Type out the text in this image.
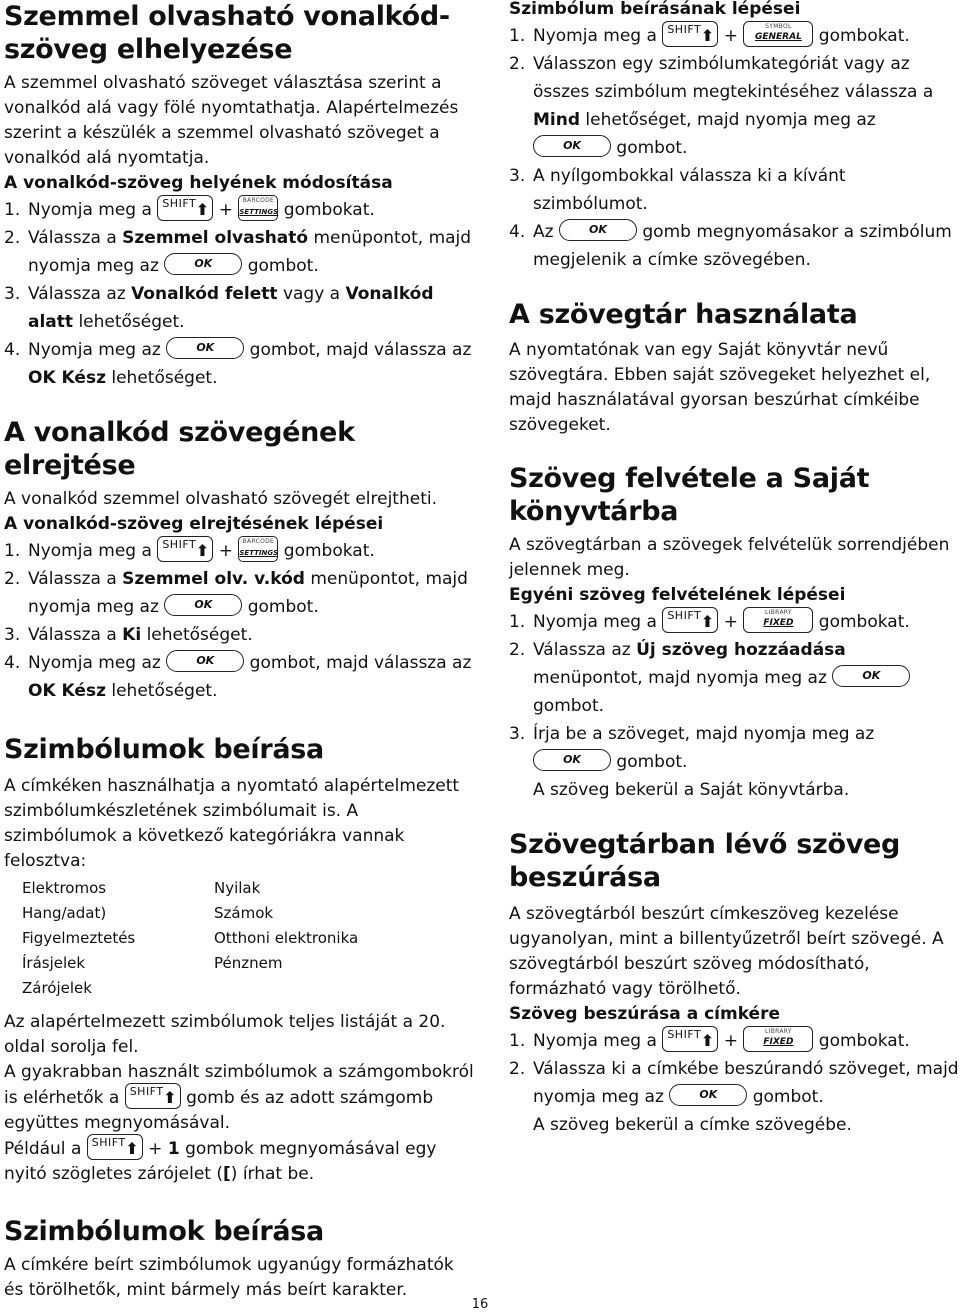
Szemmel olvasható vonalkód-szöveg elhelyezése

A szemmel olvasható szöveget választása szerint a vonalkód alá vagy fölé nyomtathatja. Alapértelmezés szerint a készülék a szemmel olvasható szöveget a vonalkód alá nyomtatja.

A vonalkód-szöveg helyének módosítása

1. Nyomja meg a SHIFT ⬆ +	BARCODE
SETTINGS gombokat.
2. Válassza a Szemmel olvasható menüpontot, majd nyomja meg az	OK	gombot.
3. Válassza az Vonalkód felett vagy a Vonalkód alatt lehetőséget.
4. Nyomja meg az	OK	gombot, majd válassza az OK Kész lehetőséget.
A vonalkód szövegének elrejtése

A vonalkód szemmel olvasható szövegét elrejtheti.

A vonalkód-szöveg elrejtésének lépései

1. Nyomja meg a SHIFT ⬆ +	BARCODE
SETTINGS gombokat.
2. Válassza a Szemmel olv. v.kód menüpontot, majd nyomja meg az	OK	gombot.
3. Válassza a Ki lehetőséget.
4. Nyomja meg az	OK	gombot, majd válassza az OK Kész lehetőséget.
Szimbólumok beírása

A címkéken használhatja a nyomtató alapértelmezett szimbólumkészletének szimbólumait is. A szimbólumok a következő kategóriákra vannak felosztva:

Elektromos	Nyilak
Hang/adat)	Számok
Figyelmeztetés	Otthoni elektronika
Írásjelek	Pénznem
Zárójelek

Az alapértelmezett szimbólumok teljes listáját a 20. oldal sorolja fel.

A gyakrabban használt szimbólumok a számgombokról is elérhetők a SHIFT ⬆ gomb és az adott számgomb együttes megnyomásával.

Például a SHIFT ⬆ + 1 gombok megnyomásával egy nyitó szögletes zárójelet ([) írhat be.

Szimbólumok beírása

A címkére beírt szimbólumok ugyanúgy formázhatók és törölhetők, mint bármely más beírt karakter.

Szimbólum beírásának lépései

1. Nyomja meg a SHIFT ⬆ +	SYMBOL
GENERAL gombokat.
2. Válasszon egy szimbólumkategóriát vagy az összes szimbólum megtekintéséhez válassza a Mind lehetőséget, majd nyomja meg az
OK	gombot.
3. A nyílgombokkal válassza ki a kívánt szimbólumot.
4. Az	OK	gomb megnyomásakor a szimbólum megjelenik a címke szövegében.
A szövegtár használata

A nyomtatónak van egy Saját könyvtár nevű szövegtára. Ebben saját szövegeket helyezhet el, majd használatával gyorsan beszúrhat címkéibe szövegeket.

Szöveg felvétele a Saját könyvtárba

A szövegtárban a szövegek felvételük sorrendjében jelennek meg.

Egyéni szöveg felvételének lépései

1. Nyomja meg a SHIFT ⬆ +	LIBRARY
FIXED	gombokat.
2. Válassza az Új szöveg hozzáadása menüpontot, majd nyomja meg az	OK
gombot.
3. Írja be a szöveget, majd nyomja meg az

OK	gombot.
A szöveg bekerül a Saját könyvtárba.
Szövegtárban lévő szöveg beszúrása

A szövegtárból beszúrt címkeszöveg kezelése ugyanolyan, mint a billentyűzetről beírt szövegé. A szövegtárból beszúrt szöveg módosítható, formázható vagy törölhető.

Szöveg beszúrása a címkére

1. Nyomja meg a SHIFT ⬆ +	LIBRARY
FIXED	gombokat.
2. Válassza ki a címkébe beszúrandó szöveget, majd nyomja meg az	OK	gombot.
A szöveg bekerül a címke szövegébe.
16
